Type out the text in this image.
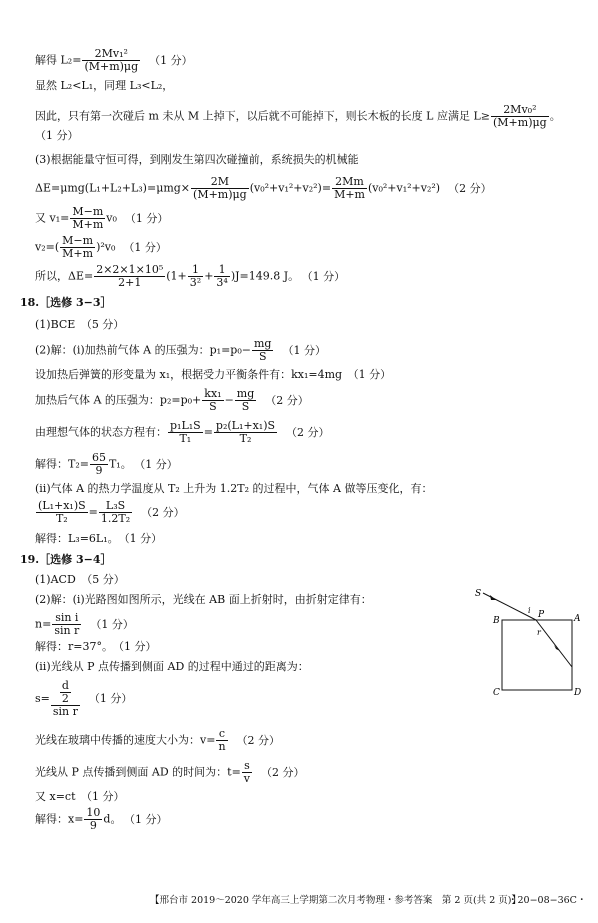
解得 $L_2= \frac{\text{2Mv₁²}}{(M+m)\mu g} (1$ 分）
显然 L₂<L₁，同理 L₃<L₂，
因此，只有第一次碰后 m 未从 M 上掉下，以后就不可能掉下，则长木板的长度 L 应满足 $L\ge \frac{\text{2Mv₀²}}{(M+m)\mu g}$ 。
（1 分）
(3)根据能量守恒可得，到刚发生第四次碰撞前，系统损失的机械能
$\Delta E=\mu mg(L_1+L_2+L_3)=\mu mg\times \frac{2M}{(M+m)\mu g} (v_0^2+v_1^2+v_2^2)= \frac{2Mm}{M+m} (v_0^2+v_1^2+v_2^2)$ （2 分）
又 $v_1= \frac{M-m}{M+m} v_0$ （1 分）
$v_2=( \frac{M-m}{M+m} )^2v_0$ （1 分）
所以，$\Delta E= \frac{\text{2×2×1×10⁵}}{2+1} (1+ \frac{1}{\text{3²}} + \frac{1}{\text{3⁴}} )J=149.8$ J。 （1 分）
18.［选修 3−3］
(1)BCE　（5 分）
(2)解：(ⅰ)加热前气体 A 的压强为：$p_1=p_0- \frac{mg}{S} (1$ 分）
设加热后弹簧的形变量为 x₁，根据受力平衡条件有：kx₁=4mg　（1 分）
加热后气体 A 的压强为：$p_2=p_0+ \frac{\text{kx₁}}{S} - \frac{mg}{S} (2$ 分）
由理想气体的状态方程有： $\frac{\text{p₁L₁S}}{\text{T₁}} = \frac{\text{p₂(L₁+x₁)S}}{\text{T₂}} (2$ 分）
解得：$T_2= \frac{65}{9} T_1$。 （1 分）
(ⅱ)气体 A 的热力学温度从 T₂ 上升为 1.2T₂ 的过程中，气体 A 做等压变化，有：
$\frac{\text{(L₁+x₁)S}}{\text{T₂}} = \frac{\text{L₃S}}{\text{1.2T₂}} (2$ 分）
解得：L₃=6L₁。　（1 分）
19.［选修 3−4］
(1)ACD　（5 分）
(2)解：(ⅰ)光路图如图所示，光线在 AB 面上折射时，由折射定律有：
$n= \frac{\text{sin i}}{\text{sin r}} (1$ 分）
解得：r=37°。　（1 分）
(ⅱ)光线从 P 点传播到侧面 AD 的过程中通过的距离为：
$s= \frac{\frac{d}{2}}{\text{sin r}} (1$ 分）
光线在玻璃中传播的速度大小为：$v= \frac{c}{n} (2$ 分）
光线从 P 点传播到侧面 AD 的时间为：$t= \frac{s}{v} (2$ 分）
又 x=ct　（1 分）
解得：$x= \frac{10}{9}$ d。 （1 分）
S
i P	A
B
r
C	D
【邢台市 2019～2020 学年高三上学期第二次月考物理・参考答案　第 2 页(共 2 页)】
・20−08−36C・
